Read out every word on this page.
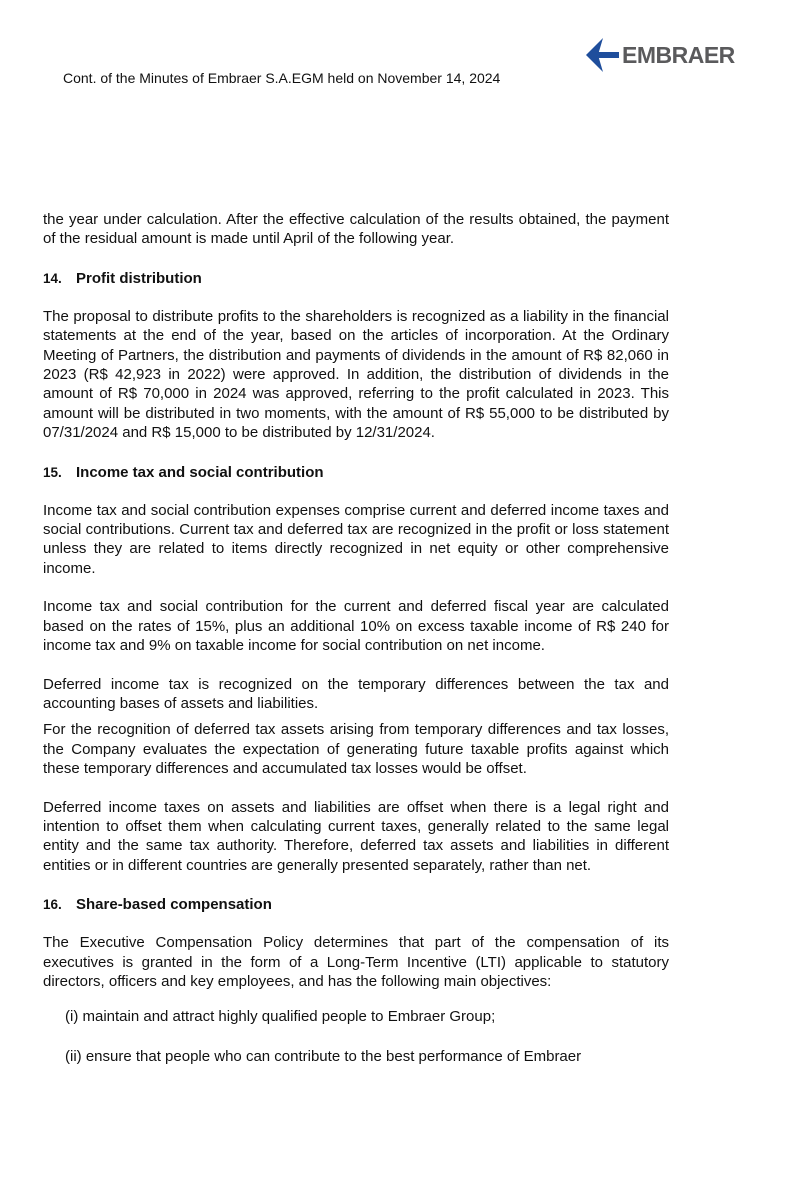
Cont. of the Minutes of Embraer S.A.EGM held on November 14, 2024
EMBRAER

the year under calculation. After the effective calculation of the results obtained, the payment of the residual amount is made until April of the following year.

14. Profit distribution

The proposal to distribute profits to the shareholders is recognized as a liability in the financial statements at the end of the year, based on the articles of incorporation. At the Ordinary Meeting of Partners, the distribution and payments of dividends in the amount of R$ 82,060 in 2023 (R$ 42,923 in 2022) were approved. In addition, the distribution of dividends in the amount of R$ 70,000 in 2024 was approved, referring to the profit calculated in 2023. This amount will be distributed in two moments, with the amount of R$ 55,000 to be distributed by 07/31/2024 and R$ 15,000 to be distributed by 12/31/2024.

15. Income tax and social contribution

Income tax and social contribution expenses comprise current and deferred income taxes and social contributions. Current tax and deferred tax are recognized in the profit or loss statement unless they are related to items directly recognized in net equity or other comprehensive income.

Income tax and social contribution for the current and deferred fiscal year are calculated based on the rates of 15%, plus an additional 10% on excess taxable income of R$ 240 for income tax and 9% on taxable income for social contribution on net income.

Deferred income tax is recognized on the temporary differences between the tax and accounting bases of assets and liabilities.

For the recognition of deferred tax assets arising from temporary differences and tax losses, the Company evaluates the expectation of generating future taxable profits against which these temporary differences and accumulated tax losses would be offset.

Deferred income taxes on assets and liabilities are offset when there is a legal right and intention to offset them when calculating current taxes, generally related to the same legal entity and the same tax authority. Therefore, deferred tax assets and liabilities in different entities or in different countries are generally presented separately, rather than net.

16. Share-based compensation

The Executive Compensation Policy determines that part of the compensation of its executives is granted in the form of a Long-Term Incentive (LTI) applicable to statutory directors, officers and key employees, and has the following main objectives:

(i) maintain and attract highly qualified people to Embraer Group;

(ii) ensure that people who can contribute to the best performance of Embraer
